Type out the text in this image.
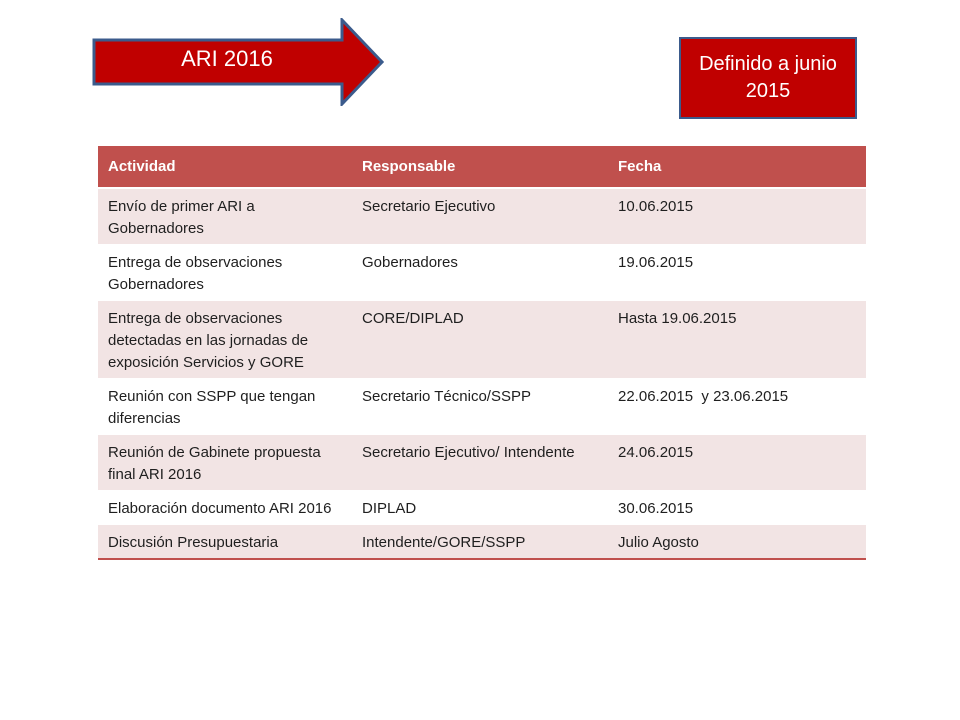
ARI 2016	Definido a junio 2015
Actividad	Responsable	Fecha
Envío de primer ARI a Gobernadores	Secretario Ejecutivo	10.06.2015
Entrega de observaciones Gobernadores	Gobernadores	19.06.2015
Entrega de observaciones detectadas en las jornadas de exposición Servicios y GORE	CORE/DIPLAD	Hasta 19.06.2015
Reunión con SSPP que tengan diferencias	Secretario Técnico/SSPP	22.06.2015  y 23.06.2015
Reunión de Gabinete propuesta final ARI 2016	Secretario Ejecutivo/ Intendente	24.06.2015
Elaboración documento ARI 2016	DIPLAD	30.06.2015
Discusión Presupuestaria	Intendente/GORE/SSPP	Julio Agosto
